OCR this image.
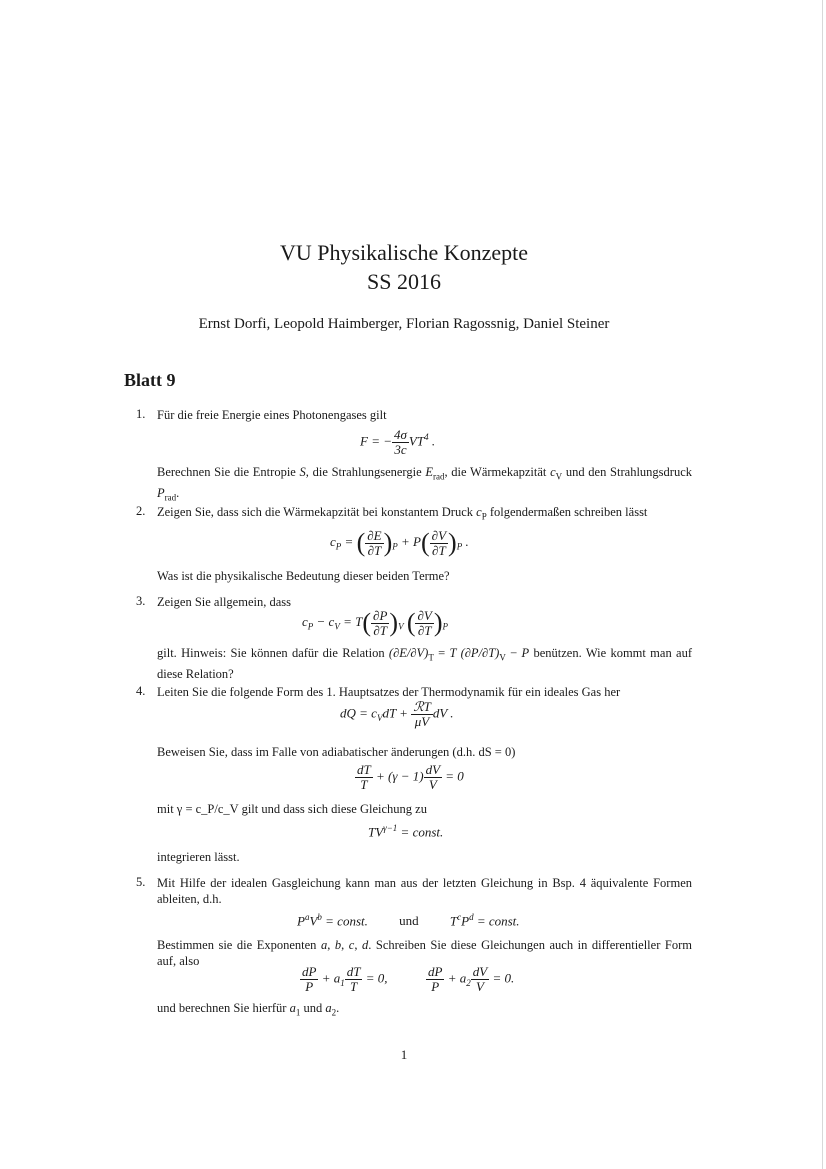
VU Physikalische Konzepte
SS 2016
Ernst Dorfi, Leopold Haimberger, Florian Ragossnig, Daniel Steiner
Blatt 9
1. Für die freie Energie eines Photonengases gilt
F = − $\frac{4\sigma}{3c} VT^4$ .
Berechnen Sie die Entropie S, die Strahlungsenergie $E_{rad}$, die Wärmekapzität $c_V$ und den Strahlungsdruck $P_{rad}$.
2. Zeigen Sie, dass sich die Wärmekapzität bei konstantem Druck $c_P$ folgendermaßen schreiben lässt
$c_P$ = ( $\frac{\partial E}{\partial T} )_P + P( \frac{\partial V}{\partial T} )_P$ .
Was ist die physikalische Bedeutung dieser beiden Terme?
3. Zeigen Sie allgemein, dass
$c_P - c_V = T( \frac{\partial P}{\partial T} )_V$ ( $\frac{\partial V}{\partial T} )_P$
gilt. Hinweis: Sie können dafür die Relation $(\partial E/\partial V)_T = T$ $(\partial P/\partial T)_V - P$ benützen. Wie kommt man auf diese Relation?
4. Leiten Sie die folgende Form des 1. Hauptsatzes der Thermodynamik für ein ideales Gas her
dQ = $c_VdT + \frac{\text{ℛT}}{\mu V}$ dV .
Beweisen Sie, dass im Falle von adiabatischer änderungen (d.h. dS = 0)
$\frac{dT}{T} + (\gamma - 1) \frac{dV}{V} = 0$
mit γ = c_P/c_V gilt und dass sich diese Gleichung zu
$TV^{\gamma-1}$ = const.
integrieren lässt.
5. Mit Hilfe der idealen Gasgleichung kann man aus der letzten Gleichung in Bsp. 4 äquivalente Formen ableiten, d.h.
$P^aV^b$ = const. und $T^cP^d$ = const.
Bestimmen sie die Exponenten a, b, c, d. Schreiben Sie diese Gleichungen auch in differentieller Form auf, also
$\frac{dP}{P} + a_1 \frac{dT}{T} = 0$,	$\frac{dP}{P} + a_2 \frac{dV}{V} = 0$.
und berechnen Sie hierfür $a_1$ und $a_2$.
1
